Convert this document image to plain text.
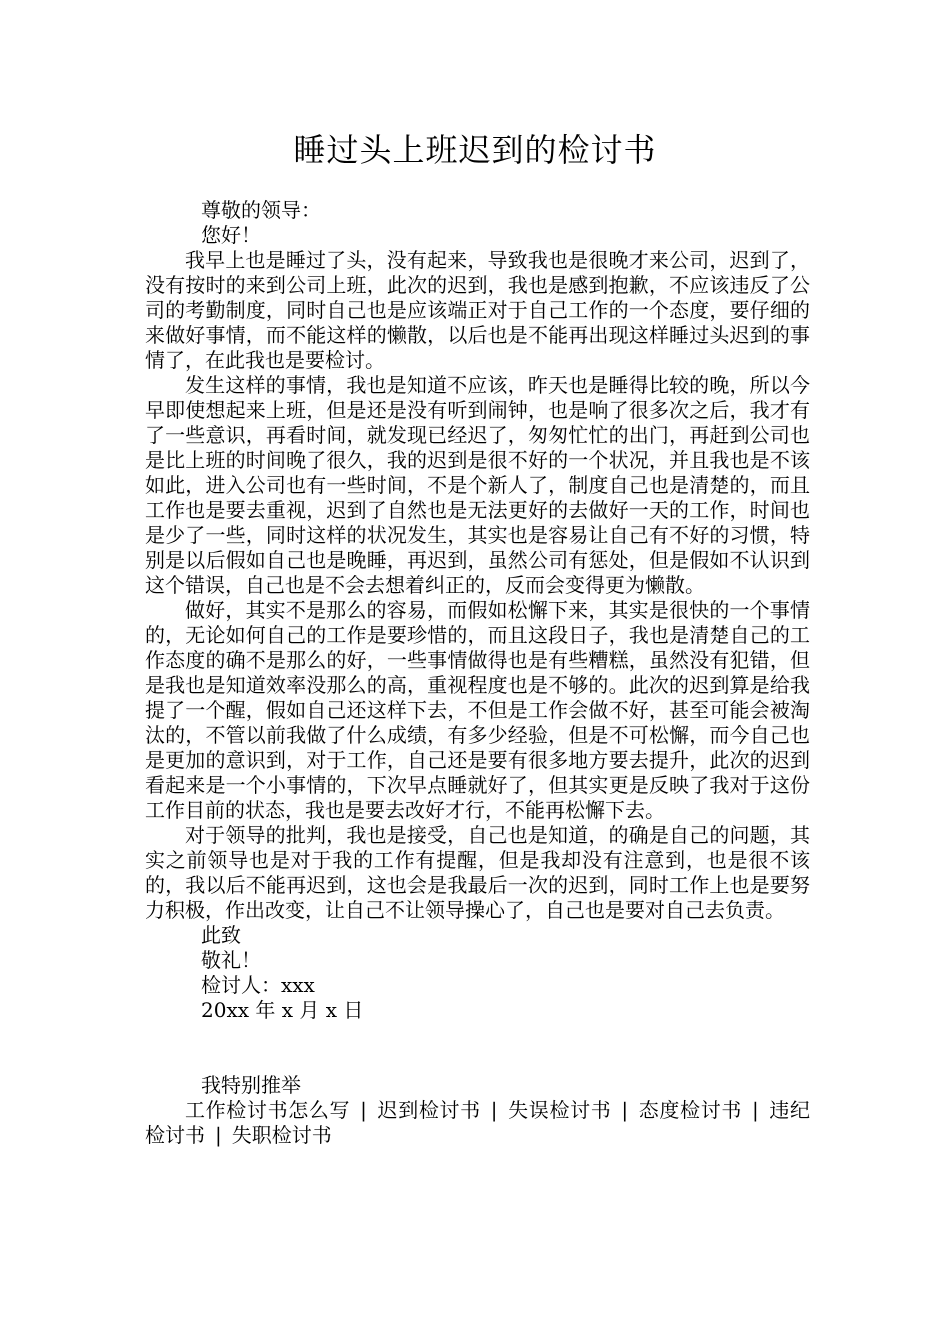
睡过头上班迟到的检讨书
尊敬的领导：
您好！

我早上也是睡过了头，没有起来，导致我也是很晚才来公司，迟到了，没有按时的来到公司上班，此次的迟到，我也是感到抱歉，不应该违反了公司的考勤制度，同时自己也是应该端正对于自己工作的一个态度，要仔细的来做好事情，而不能这样的懒散，以后也是不能再出现这样睡过头迟到的事情了，在此我也是要检讨。

发生这样的事情，我也是知道不应该，昨天也是睡得比较的晚，所以今早即使想起来上班，但是还是没有听到闹钟，也是响了很多次之后，我才有了一些意识，再看时间，就发现已经迟了，匆匆忙忙的出门，再赶到公司也是比上班的时间晚了很久，我的迟到是很不好的一个状况，并且我也是不该如此，进入公司也有一些时间，不是个新人了，制度自己也是清楚的，而且工作也是要去重视，迟到了自然也是无法更好的去做好一天的工作，时间也是少了一些，同时这样的状况发生，其实也是容易让自己有不好的习惯，特别是以后假如自己也是晚睡，再迟到，虽然公司有惩处，但是假如不认识到这个错误，自己也是不会去想着纠正的，反而会变得更为懒散。

做好，其实不是那么的容易，而假如松懈下来，其实是很快的一个事情的，无论如何自己的工作是要珍惜的，而且这段日子，我也是清楚自己的工作态度的确不是那么的好，一些事情做得也是有些糟糕，虽然没有犯错，但是我也是知道效率没那么的高，重视程度也是不够的。此次的迟到算是给我提了一个醒，假如自己还这样下去，不但是工作会做不好，甚至可能会被淘汰的，不管以前我做了什么成绩，有多少经验，但是不可松懈，而今自己也是更加的意识到，对于工作，自己还是要有很多地方要去提升，此次的迟到看起来是一个小事情的，下次早点睡就好了，但其实更是反映了我对于这份工作目前的状态，我也是要去改好才行，不能再松懈下去。

对于领导的批判，我也是接受，自己也是知道，的确是自己的问题，其实之前领导也是对于我的工作有提醒，但是我却没有注意到，也是很不该的，我以后不能再迟到，这也会是我最后一次的迟到，同时工作上也是要努力积极，作出改变，让自己不让领导操心了，自己也是要对自己去负责。

此致
敬礼！
检讨人：xxx
20xx 年 x 月 x 日
我特别推举

工作检讨书怎么写 | 迟到检讨书 | 失误检讨书 | 态度检讨书 | 违纪检讨书 | 失职检讨书
